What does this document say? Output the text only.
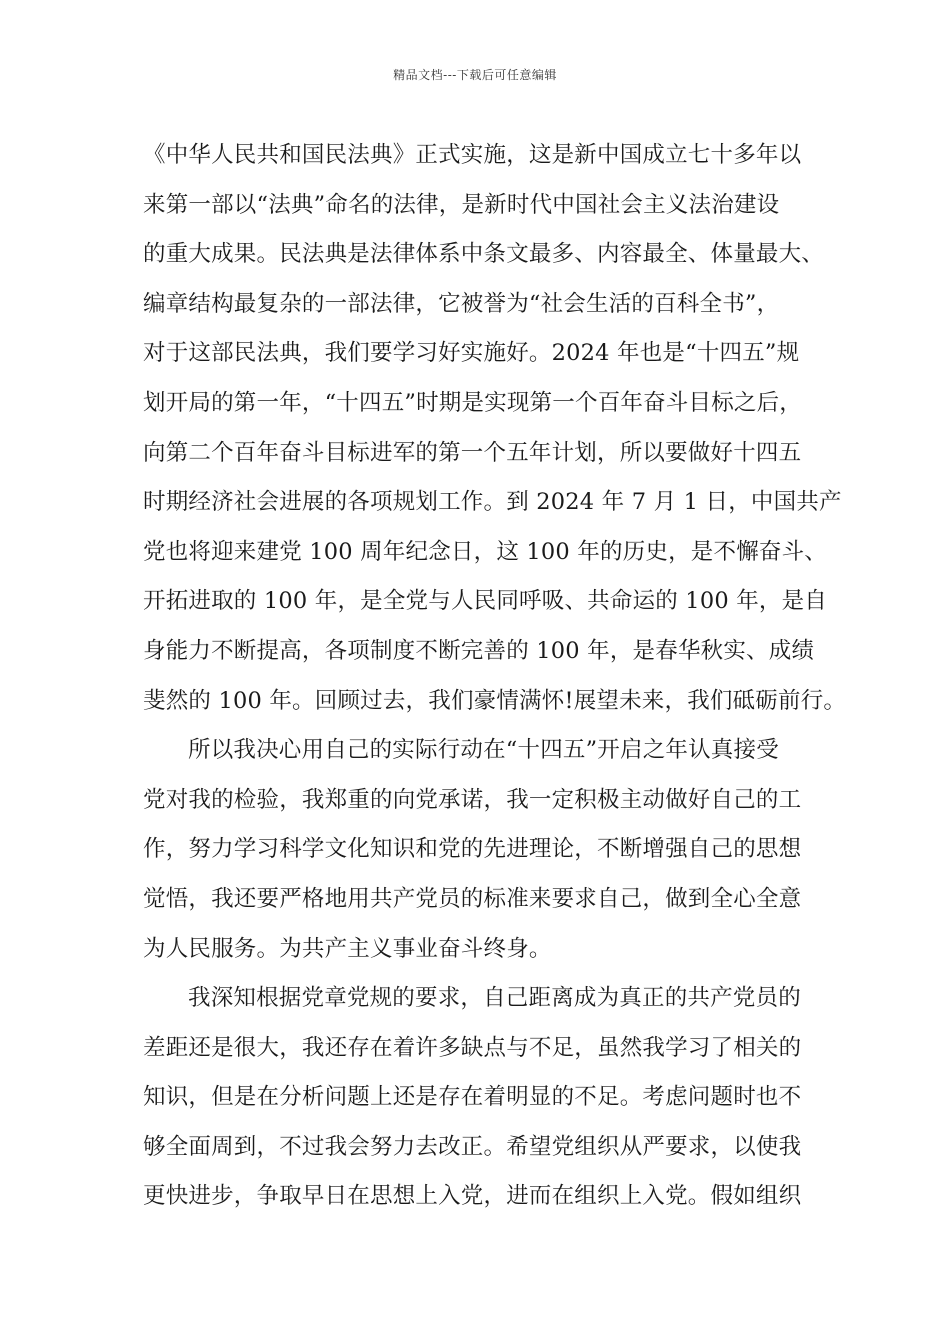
精品文档---下载后可任意编辑
《中华人民共和国民法典》正式实施，这是新中国成立七十多年以
来第一部以“法典”命名的法律，是新时代中国社会主义法治建设
的重大成果。民法典是法律体系中条文最多、内容最全、体量最大、
编章结构最复杂的一部法律，它被誉为“社会生活的百科全书”，
对于这部民法典，我们要学习好实施好。2024 年也是“十四五”规
划开局的第一年，“十四五”时期是实现第一个百年奋斗目标之后，
向第二个百年奋斗目标进军的第一个五年计划，所以要做好十四五
时期经济社会进展的各项规划工作。到 2024 年 7 月 1 日，中国共产
党也将迎来建党 100 周年纪念日，这 100 年的历史，是不懈奋斗、
开拓进取的 100 年，是全党与人民同呼吸、共命运的 100 年，是自
身能力不断提高，各项制度不断完善的 100 年，是春华秋实、成绩
斐然的 100 年。回顾过去，我们豪情满怀!展望未来，我们砥砺前行。
所以我决心用自己的实际行动在“十四五”开启之年认真接受
党对我的检验，我郑重的向党承诺，我一定积极主动做好自己的工
作，努力学习科学文化知识和党的先进理论，不断增强自己的思想
觉悟，我还要严格地用共产党员的标准来要求自己，做到全心全意
为人民服务。为共产主义事业奋斗终身。
我深知根据党章党规的要求，自己距离成为真正的共产党员的
差距还是很大，我还存在着许多缺点与不足，虽然我学习了相关的
知识，但是在分析问题上还是存在着明显的不足。考虑问题时也不
够全面周到，不过我会努力去改正。希望党组织从严要求，以使我
更快进步，争取早日在思想上入党，进而在组织上入党。假如组织
